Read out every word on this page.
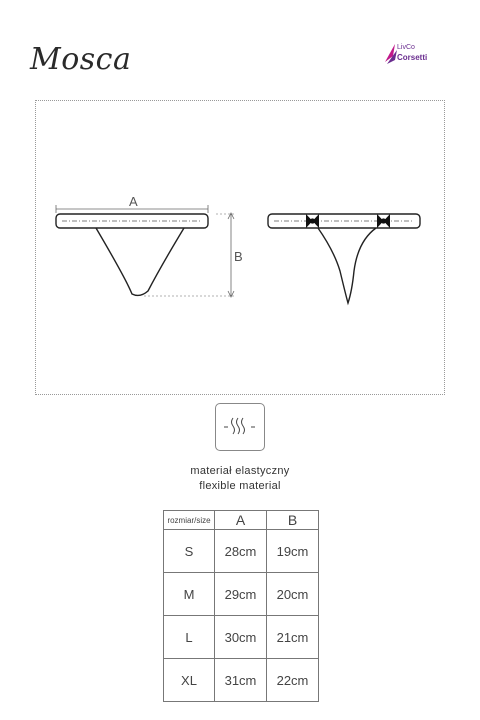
Mosca	LivCo
Corsetti
A
B
materiał elastyczny
flexible material
rozmiar/size	A	B
S	28cm	19cm
M	29cm	20cm
L	30cm	21cm
XL	31cm	22cm
